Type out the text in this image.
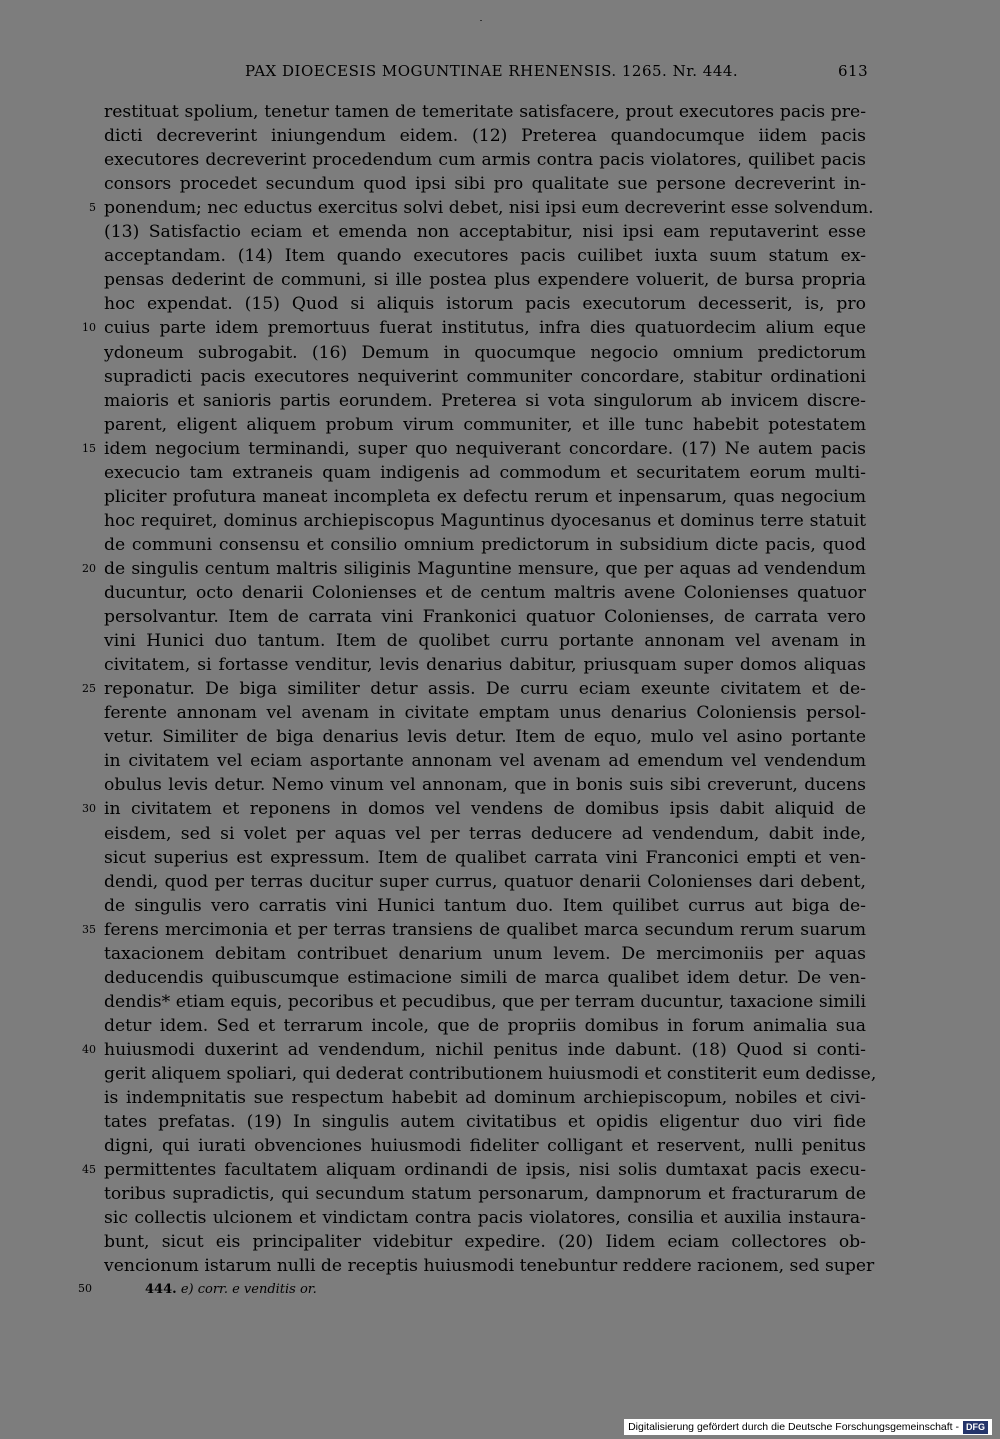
PAX DIOECESIS MOGUNTINAE RHENENSIS. 1265. Nr. 444.	613
restituat spolium, tenetur tamen de temeritate satisfacere, prout executores pacis pre-
dicti decreverint iniungendum eidem. (12) Preterea quandocumque iidem pacis
executores decreverint procedendum cum armis contra pacis violatores, quilibet pacis
consors procedet secundum quod ipsi sibi pro qualitate sue persone decreverint in-
ponendum; nec eductus exercitus solvi debet, nisi ipsi eum decreverint esse solvendum.
(13) Satisfactio eciam et emenda non acceptabitur, nisi ipsi eam reputaverint esse
acceptandam. (14) Item quando executores pacis cuilibet iuxta suum statum ex-
pensas dederint de communi, si ille postea plus expendere voluerit, de bursa propria
hoc expendat. (15) Quod si aliquis istorum pacis executorum decesserit, is, pro
cuius parte idem premortuus fuerat institutus, infra dies quatuordecim alium eque
ydoneum subrogabit. (16) Demum in quocumque negocio omnium predictorum
supradicti pacis executores nequiverint communiter concordare, stabitur ordinationi
maioris et sanioris partis eorundem. Preterea si vota singulorum ab invicem discre-
parent, eligent aliquem probum virum communiter, et ille tunc habebit potestatem
idem negocium terminandi, super quo nequiverant concordare. (17) Ne autem pacis
execucio tam extraneis quam indigenis ad commodum et securitatem eorum multi-
pliciter profutura maneat incompleta ex defectu rerum et inpensarum, quas negocium
hoc requiret, dominus archiepiscopus Maguntinus dyocesanus et dominus terre statuit
de communi consensu et consilio omnium predictorum in subsidium dicte pacis, quod
de singulis centum maltris siliginis Maguntine mensure, que per aquas ad vendendum
ducuntur, octo denarii Colonienses et de centum maltris avene Colonienses quatuor
persolvantur. Item de carrata vini Frankonici quatuor Colonienses, de carrata vero
vini Hunici duo tantum. Item de quolibet curru portante annonam vel avenam in
civitatem, si fortasse venditur, levis denarius dabitur, priusquam super domos aliquas
reponatur. De biga similiter detur assis. De curru eciam exeunte civitatem et de-
ferente annonam vel avenam in civitate emptam unus denarius Coloniensis persol-
vetur. Similiter de biga denarius levis detur. Item de equo, mulo vel asino portante
in civitatem vel eciam asportante annonam vel avenam ad emendum vel vendendum
obulus levis detur. Nemo vinum vel annonam, que in bonis suis sibi creverunt, ducens
in civitatem et reponens in domos vel vendens de domibus ipsis dabit aliquid de
eisdem, sed si volet per aquas vel per terras deducere ad vendendum, dabit inde,
sicut superius est expressum. Item de qualibet carrata vini Franconici empti et ven-
dendi, quod per terras ducitur super currus, quatuor denarii Colonienses dari debent,
de singulis vero carratis vini Hunici tantum duo. Item quilibet currus aut biga de-
ferens mercimonia et per terras transiens de qualibet marca secundum rerum suarum
taxacionem debitam contribuet denarium unum levem. De mercimoniis per aquas
deducendis quibuscumque estimacione simili de marca qualibet idem detur. De ven-
dendis* etiam equis, pecoribus et pecudibus, que per terram ducuntur, taxacione simili
detur idem. Sed et terrarum incole, que de propriis domibus in forum animalia sua
huiusmodi duxerint ad vendendum, nichil penitus inde dabunt. (18) Quod si conti-
gerit aliquem spoliari, qui dederat contributionem huiusmodi et constiterit eum dedisse,
is indempnitatis sue respectum habebit ad dominum archiepiscopum, nobiles et civi-
tates prefatas. (19) In singulis autem civitatibus et opidis eligentur duo viri fide
digni, qui iurati obvenciones huiusmodi fideliter colligant et reservent, nulli penitus
permittentes facultatem aliquam ordinandi de ipsis, nisi solis dumtaxat pacis execu-
toribus supradictis, qui secundum statum personarum, dampnorum et fracturarum de
sic collectis ulcionem et vindictam contra pacis violatores, consilia et auxilia instaura-
bunt, sicut eis principaliter videbitur expedire. (20) Iidem eciam collectores ob-
vencionum istarum nulli de receptis huiusmodi tenebuntur reddere racionem, sed super
5
10
15
20
25
30
35
40
45
50	444. e) corr. e venditis or.
Digitalisierung gefördert durch die Deutsche Forschungsgemeinschaft - DFG
